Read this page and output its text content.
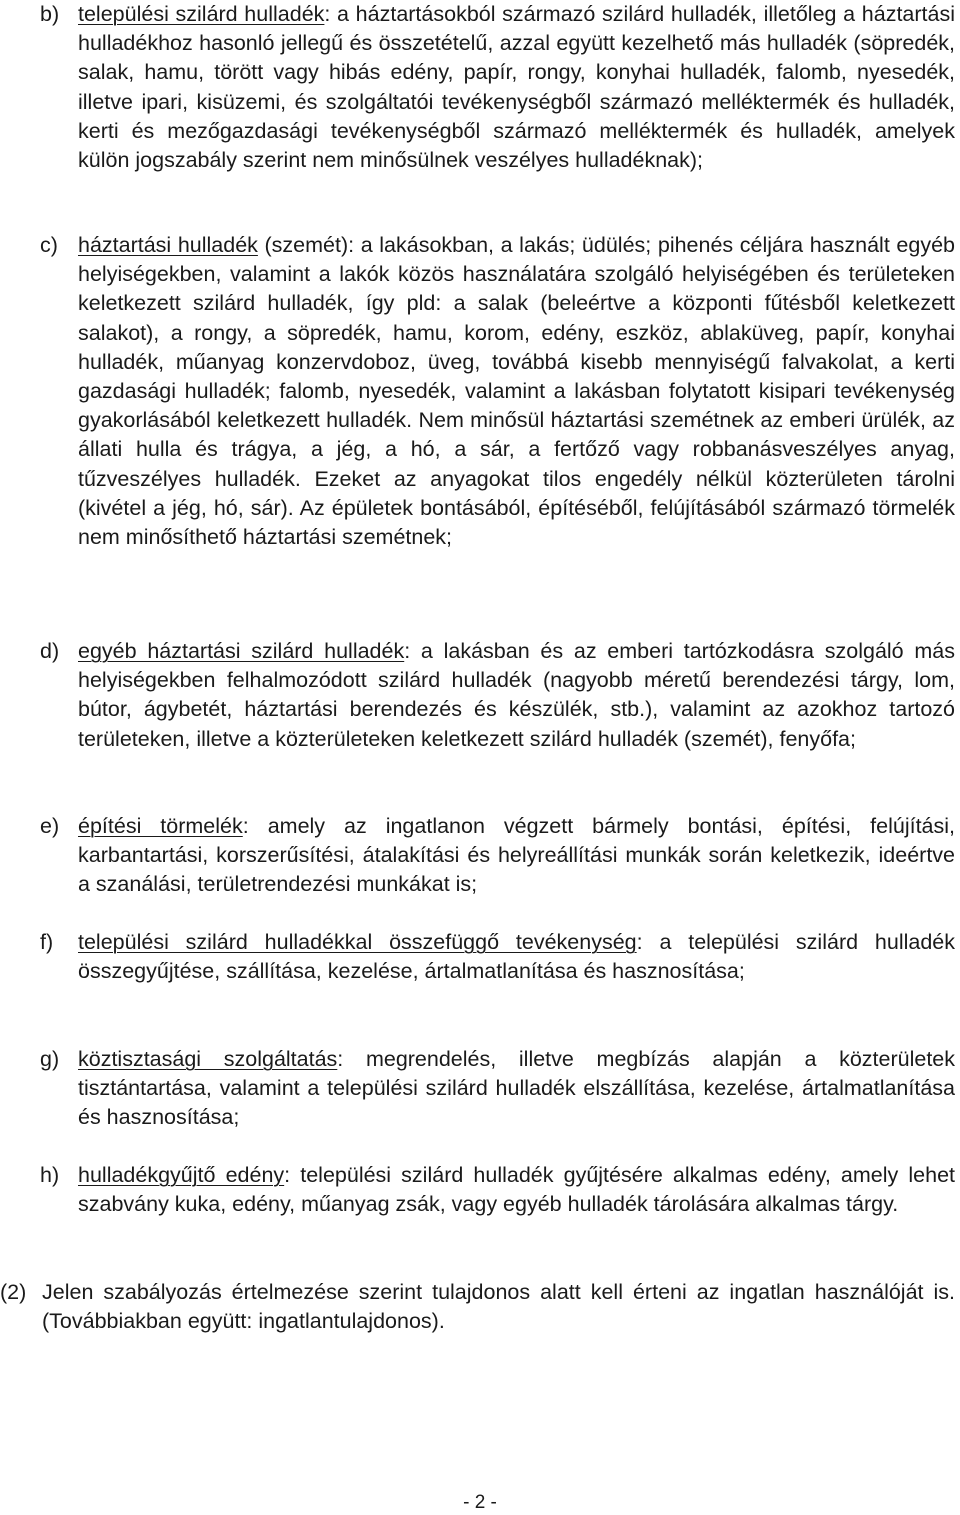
b) települési szilárd hulladék: a háztartásokból származó szilárd hulladék, illetőleg a háztartási hulladékhoz hasonló jellegű és összetételű, azzal együtt kezelhető más hulladék (söpredék, salak, hamu, törött vagy hibás edény, papír, rongy, konyhai hulladék, falomb, nyesedék, illetve ipari, kisüzemi, és szolgáltatói tevékenységből származó melléktermék és hulladék, kerti és mezőgazdasági tevékenységből származó melléktermék és hulladék, amelyek külön jogszabály szerint nem minősülnek veszélyes hulladéknak);
c) háztartási hulladék (szemét): a lakásokban, a lakás; üdülés; pihenés céljára használt egyéb helyiségekben, valamint a lakók közös használatára szolgáló helyiségében és területeken keletkezett szilárd hulladék, így pld: a salak (beleértve a központi fűtésből keletkezett salakot), a rongy, a söpredék, hamu, korom, edény, eszköz, ablaküveg, papír, konyhai hulladék, műanyag konzervdoboz, üveg, továbbá kisebb mennyiségű falvakolat, a kerti gazdasági hulladék; falomb, nyesedék, valamint a lakásban folytatott kisipari tevékenység gyakorlásából keletkezett hulladék. Nem minősül háztartási szemétnek az emberi ürülék, az állati hulla és trágya, a jég, a hó, a sár, a fertőző vagy robbanásveszélyes anyag, tűzveszélyes hulladék. Ezeket az anyagokat tilos engedély nélkül közterületen tárolni (kivétel a jég, hó, sár). Az épületek bontásából, építéséből, felújításából származó törmelék nem minősíthető háztartási szemétnek;
d) egyéb háztartási szilárd hulladék: a lakásban és az emberi tartózkodásra szolgáló más helyiségekben felhalmozódott szilárd hulladék (nagyobb méretű berendezési tárgy, lom, bútor, ágybetét, háztartási berendezés és készülék, stb.), valamint az azokhoz tartozó területeken, illetve a közterületeken keletkezett szilárd hulladék (szemét), fenyőfa;
e) építési törmelék: amely az ingatlanon végzett bármely bontási, építési, felújítási, karbantartási, korszerűsítési, átalakítási és helyreállítási munkák során keletkezik, ideértve a szanálási, területrendezési munkákat is;
f) települési szilárd hulladékkal összefüggő tevékenység: a települési szilárd hulladék összegyűjtése, szállítása, kezelése, ártalmatlanítása és hasznosítása;
g) köztisztasági szolgáltatás: megrendelés, illetve megbízás alapján a közterületek tisztántartása, valamint a települési szilárd hulladék elszállítása, kezelése, ártalmatlanítása és hasznosítása;
h) hulladékgyűjtő edény: települési szilárd hulladék gyűjtésére alkalmas edény, amely lehet szabvány kuka, edény, műanyag zsák, vagy egyéb hulladék tárolására alkalmas tárgy.
(2) Jelen szabályozás értelmezése szerint tulajdonos alatt kell érteni az ingatlan használóját is. (Továbbiakban együtt: ingatlantulajdonos).
- 2 -
